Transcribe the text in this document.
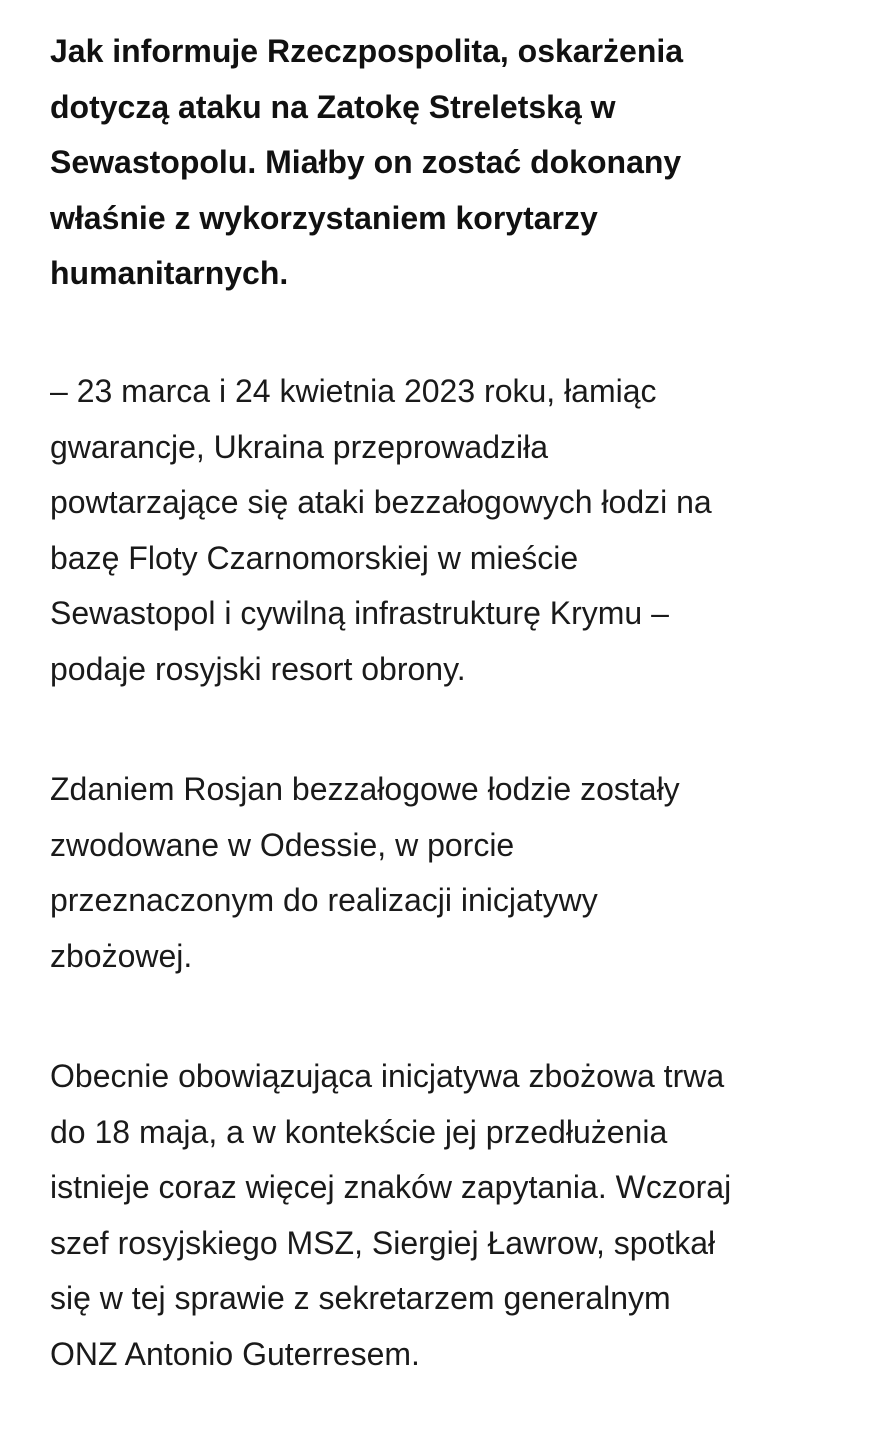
Jak informuje Rzeczpospolita, oskarżenia
dotyczą ataku na Zatokę Streletską w
Sewastopolu. Miałby on zostać dokonany
właśnie z wykorzystaniem korytarzy
humanitarnych.

– 23 marca i 24 kwietnia 2023 roku, łamiąc
gwarancje, Ukraina przeprowadziła
powtarzające się ataki bezzałogowych łodzi na
bazę Floty Czarnomorskiej w mieście
Sewastopol i cywilną infrastrukturę Krymu –
podaje rosyjski resort obrony.

Zdaniem Rosjan bezzałogowe łodzie zostały
zwodowane w Odessie, w porcie
przeznaczonym do realizacji inicjatywy
zbożowej.

Obecnie obowiązująca inicjatywa zbożowa trwa
do 18 maja, a w kontekście jej przedłużenia
istnieje coraz więcej znaków zapytania. Wczoraj
szef rosyjskiego MSZ, Siergiej Ławrow, spotkał
się w tej sprawie z sekretarzem generalnym
ONZ Antonio Guterresem.
